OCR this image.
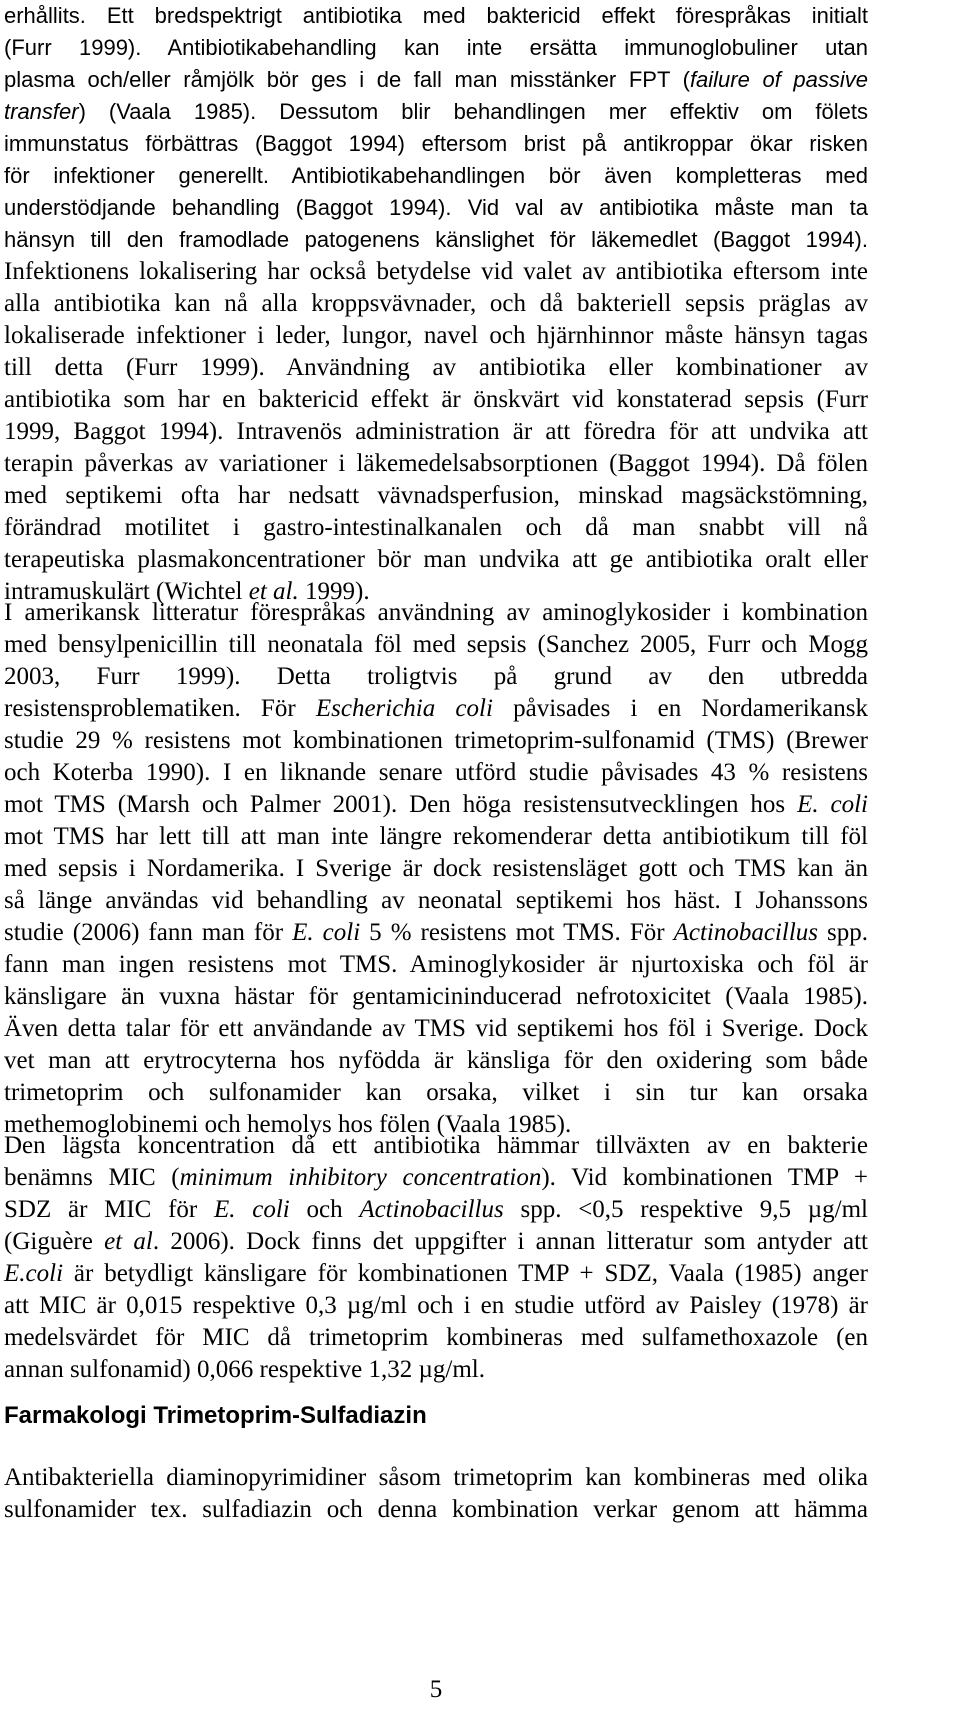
erhållits. Ett bredspektrigt antibiotika med baktericid effekt förespråkas initialt
(Furr 1999). Antibiotikabehandling kan inte ersätta immunoglobuliner utan
plasma och/eller råmjölk bör ges i de fall man misstänker FPT (failure of passive
transfer) (Vaala 1985). Dessutom blir behandlingen mer effektiv om fölets
immunstatus förbättras (Baggot 1994) eftersom brist på antikroppar ökar risken
för infektioner generellt. Antibiotikabehandlingen bör även kompletteras med
understödjande behandling (Baggot 1994). Vid val av antibiotika måste man ta
hänsyn till den framodlade patogenens känslighet för läkemedlet (Baggot 1994).
Infektionens lokalisering har också betydelse vid valet av antibiotika eftersom inte
alla antibiotika kan nå alla kroppsvävnader, och då bakteriell sepsis präglas av
lokaliserade infektioner i leder, lungor, navel och hjärnhinnor måste hänsyn tagas
till detta (Furr 1999). Användning av antibiotika eller kombinationer av
antibiotika som har en baktericid effekt är önskvärt vid konstaterad sepsis (Furr
1999, Baggot 1994). Intravenös administration är att föredra för att undvika att
terapin påverkas av variationer i läkemedelsabsorptionen (Baggot 1994). Då fölen
med septikemi ofta har nedsatt vävnadsperfusion, minskad magsäckstömning,
förändrad motilitet i gastro-intestinalkanalen och då man snabbt vill nå
terapeutiska plasmakoncentrationer bör man undvika att ge antibiotika oralt eller
intramuskulärt (Wichtel et al. 1999).
I amerikansk litteratur förespråkas användning av aminoglykosider i kombination
med bensylpenicillin till neonatala föl med sepsis (Sanchez 2005, Furr och Mogg
2003, Furr 1999). Detta troligtvis på grund av den utbredda
resistensproblematiken. För Escherichia coli påvisades i en Nordamerikansk
studie 29 % resistens mot kombinationen trimetoprim-sulfonamid (TMS) (Brewer
och Koterba 1990). I en liknande senare utförd studie påvisades 43 % resistens
mot TMS (Marsh och Palmer 2001). Den höga resistensutvecklingen hos E. coli
mot TMS har lett till att man inte längre rekomenderar detta antibiotikum till föl
med sepsis i Nordamerika. I Sverige är dock resistensläget gott och TMS kan än
så länge användas vid behandling av neonatal septikemi hos häst. I Johanssons
studie (2006) fann man för E. coli 5 % resistens mot TMS. För Actinobacillus spp.
fann man ingen resistens mot TMS. Aminoglykosider är njurtoxiska och föl är
känsligare än vuxna hästar för gentamicininducerad nefrotoxicitet (Vaala 1985).
Även detta talar för ett användande av TMS vid septikemi hos föl i Sverige. Dock
vet man att erytrocyterna hos nyfödda är känsliga för den oxidering som både
trimetoprim och sulfonamider kan orsaka, vilket i sin tur kan orsaka
methemoglobinemi och hemolys hos fölen (Vaala 1985).
Den lägsta koncentration då ett antibiotika hämmar tillväxten av en bakterie
benämns MIC (minimum inhibitory concentration). Vid kombinationen TMP +
SDZ är MIC för E. coli och Actinobacillus spp. <0,5 respektive 9,5 µg/ml
(Giguère et al. 2006). Dock finns det uppgifter i annan litteratur som antyder att
E.coli är betydligt känsligare för kombinationen TMP + SDZ, Vaala (1985) anger
att MIC är 0,015 respektive 0,3 µg/ml och i en studie utförd av Paisley (1978) är
medelsvärdet för MIC då trimetoprim kombineras med sulfamethoxazole (en
annan sulfonamid) 0,066 respektive 1,32 µg/ml.
Farmakologi Trimetoprim-Sulfadiazin
Antibakteriella diaminopyrimidiner såsom trimetoprim kan kombineras med olika
sulfonamider tex. sulfadiazin och denna kombination verkar genom att hämma
5
